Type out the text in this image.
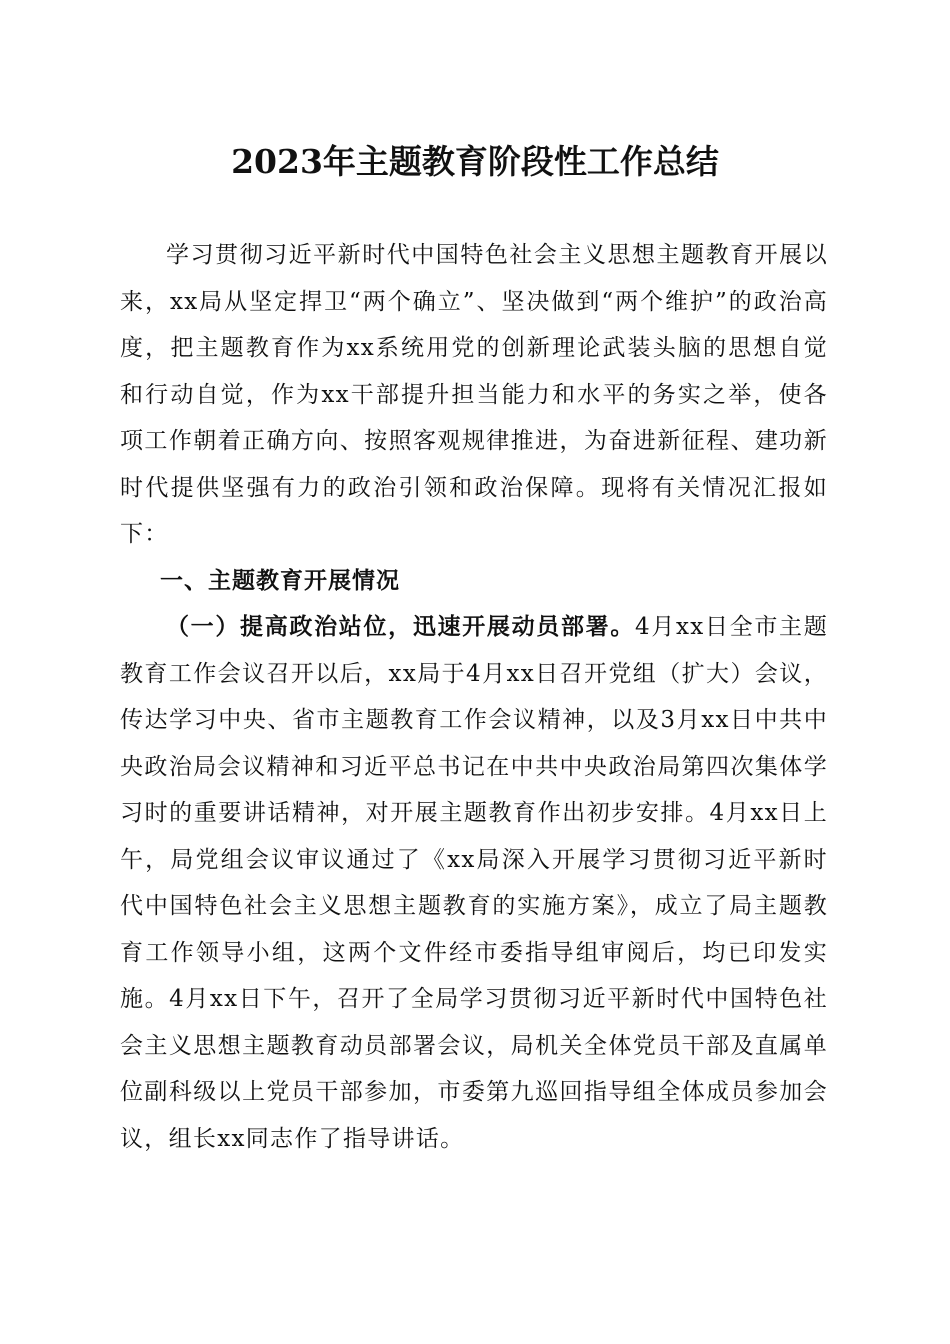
2023年主题教育阶段性工作总结

学习贯彻习近平新时代中国特色社会主义思想主题教育开展以来，xx局从坚定捍卫“两个确立”、坚决做到“两个维护”的政治高度，把主题教育作为xx系统用党的创新理论武装头脑的思想自觉和行动自觉，作为xx干部提升担当能力和水平的务实之举，使各项工作朝着正确方向、按照客观规律推进，为奋进新征程、建功新时代提供坚强有力的政治引领和政治保障。现将有关情况汇报如下：

一、主题教育开展情况

（一）提高政治站位，迅速开展动员部署。4月xx日全市主题教育工作会议召开以后，xx局于4月xx日召开党组（扩大）会议，传达学习中央、省市主题教育工作会议精神，以及3月xx日中共中央政治局会议精神和习近平总书记在中共中央政治局第四次集体学习时的重要讲话精神，对开展主题教育作出初步安排。4月xx日上午，局党组会议审议通过了《xx局深入开展学习贯彻习近平新时代中国特色社会主义思想主题教育的实施方案》，成立了局主题教育工作领导小组，这两个文件经市委指导组审阅后，均已印发实施。4月xx日下午，召开了全局学习贯彻习近平新时代中国特色社会主义思想主题教育动员部署会议，局机关全体党员干部及直属单位副科级以上党员干部参加，市委第九巡回指导组全体成员参加会议，组长xx同志作了指导讲话。
